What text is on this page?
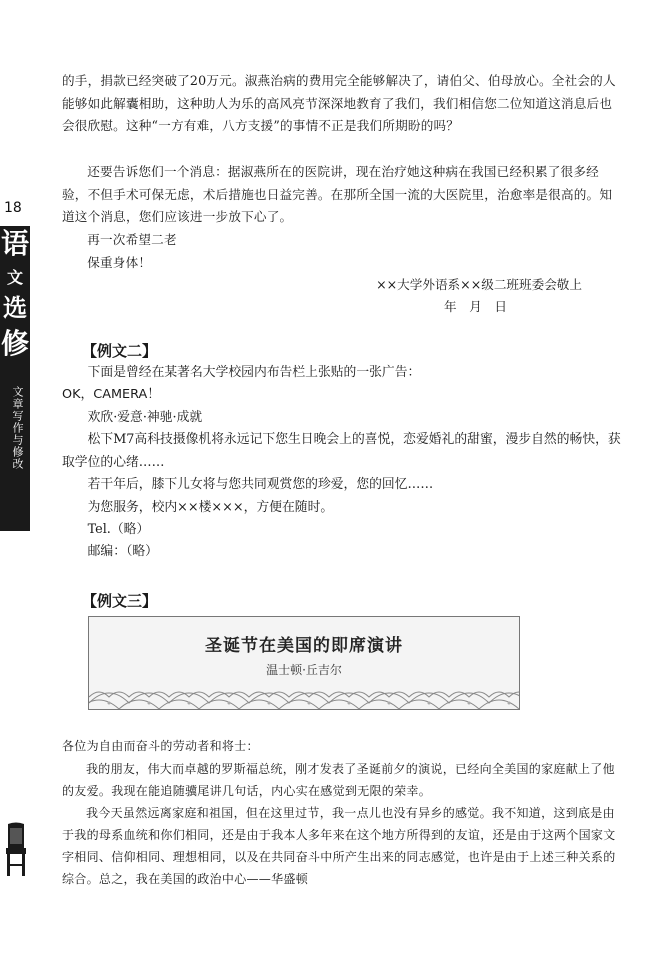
18
语
文
选
修
文章写作与修改

的手，捐款已经突破了20万元。淑燕治病的费用完全能够解决了，请伯父、伯母放心。全社会的人能够如此解囊相助，这种助人为乐的高风亮节深深地教育了我们，我们相信您二位知道这消息后也会很欣慰。这种“一方有难，八方支援”的事情不正是我们所期盼的吗？

还要告诉您们一个消息：据淑燕所在的医院讲，现在治疗她这种病在我国已经积累了很多经验，不但手术可保无虑，术后措施也日益完善。在那所全国一流的大医院里，治愈率是很高的。知道这个消息，您们应该进一步放下心了。

再一次希望二老

保重身体！

××大学外语系××级二班班委会敬上

年　月　日

【例文二】

下面是曾经在某著名大学校园内布告栏上张贴的一张广告：

OK，CAMERA！

欢欣·爱意·神驰·成就

松下M7高科技摄像机将永远记下您生日晚会上的喜悦，恋爱婚礼的甜蜜，漫步自然的畅快，获取学位的心绪……

若干年后，膝下儿女将与您共同观赏您的珍爱，您的回忆……

为您服务，校内××楼×××，方便在随时。

Tel.（略）

邮编：（略）

【例文三】

各位为自由而奋斗的劳动者和将士：

我的朋友，伟大而卓越的罗斯福总统，刚才发表了圣诞前夕的演说，已经向全美国的家庭献上了他的友爱。我现在能追随骥尾讲几句话，内心实在感觉到无限的荣幸。

我今天虽然远离家庭和祖国，但在这里过节，我一点儿也没有异乡的感觉。我不知道，这到底是由于我的母系血统和你们相同，还是由于我本人多年来在这个地方所得到的友谊，还是由于这两个国家文字相同、信仰相同、理想相同，以及在共同奋斗中所产生出来的同志感觉，也许是由于上述三种关系的综合。总之，我在美国的政治中心——华盛顿

圣诞节在美国的即席演讲
温士顿·丘吉尔
